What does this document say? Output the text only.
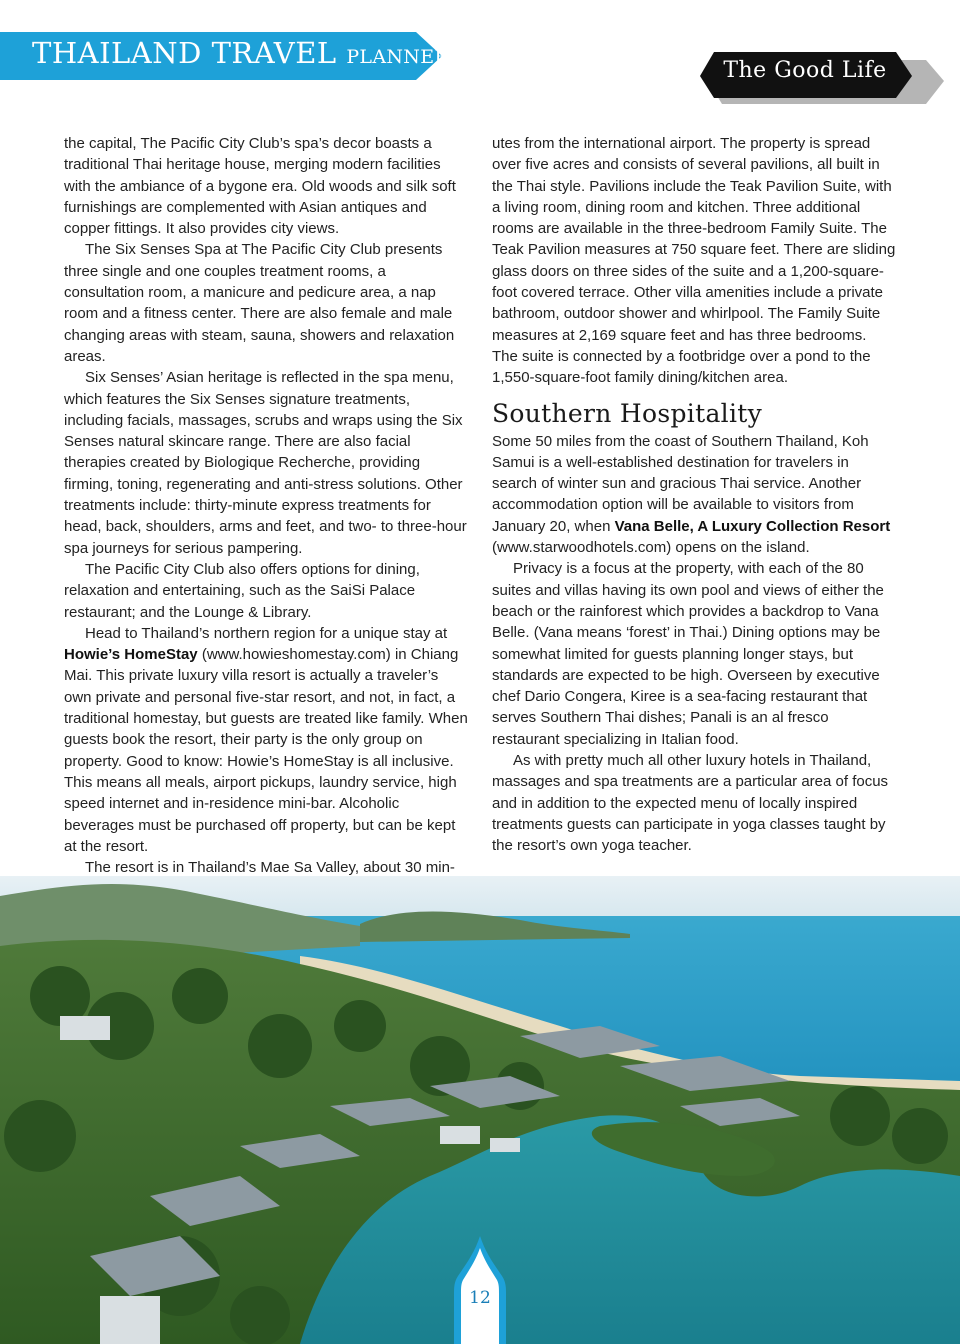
THAILAND TRAVEL PLANNER
The Good Life

the capital, The Pacific City Club’s spa’s decor boasts a traditional Thai heritage house, merging modern facilities with the ambiance of a bygone era. Old woods and silk soft furnishings are complemented with Asian antiques and copper fittings. It also provides city views.

The Six Senses Spa at The Pacific City Club presents three single and one couples treatment rooms, a consultation room, a manicure and pedicure area, a nap room and a fitness center. There are also female and male changing areas with steam, sauna, showers and relaxation areas.

Six Senses’ Asian heritage is reflected in the spa menu, which features the Six Senses signature treatments, including facials, massages, scrubs and wraps using the Six Senses natural skincare range. There are also facial therapies created by Biologique Recherche, providing firming, toning, regenerating and anti-stress solutions. Other treatments include: thirty-minute express treatments for head, back, shoulders, arms and feet, and two- to three-hour spa journeys for serious pampering.

The Pacific City Club also offers options for dining, relaxation and entertaining, such as the SaiSi Palace restaurant; and the Lounge & Library.

Head to Thailand’s northern region for a unique stay at Howie’s HomeStay (www.howieshomestay.com) in Chiang Mai. This private luxury villa resort is actually a traveler’s own private and personal five-star resort, and not, in fact, a traditional homestay, but guests are treated like family. When guests book the resort, their party is the only group on property. Good to know: Howie’s HomeStay is all inclusive. This means all meals, airport pickups, laundry service, high speed internet and in-residence mini-bar. Alcoholic beverages must be purchased off property, but can be kept at the resort.

The resort is in Thailand’s Mae Sa Valley, about 30 min-

utes from the international airport. The property is spread over five acres and consists of several pavilions, all built in the Thai style. Pavilions include the Teak Pavilion Suite, with a living room, dining room and kitchen. Three additional rooms are available in the three-bedroom Family Suite. The Teak Pavilion measures at 750 square feet. There are sliding glass doors on three sides of the suite and a 1,200-square-foot covered terrace. Other villa amenities include a private bathroom, outdoor shower and whirlpool. The Family Suite measures at 2,169 square feet and has three bedrooms. The suite is connected by a footbridge over a pond to the 1,550-square-foot family dining/kitchen area.

Southern Hospitality

Some 50 miles from the coast of Southern Thailand, Koh Samui is a well-established destination for travelers in search of winter sun and gracious Thai service. Another accommodation option will be available to visitors from January 20, when Vana Belle, A Luxury Collection Resort (www.starwoodhotels.com) opens on the island.

Privacy is a focus at the property, with each of the 80 suites and villas having its own pool and views of either the beach or the rainforest which provides a backdrop to Vana Belle. (Vana means ‘forest’ in Thai.) Dining options may be somewhat limited for guests planning longer stays, but standards are expected to be high. Overseen by executive chef Dario Congera, Kiree is a sea-facing restaurant that serves Southern Thai dishes; Panali is an al fresco restaurant specializing in Italian food.

As with pretty much all other luxury hotels in Thailand, massages and spa treatments are a particular area of focus and in addition to the expected menu of locally inspired treatments guests can participate in yoga classes taught by the resort’s own yoga teacher.

12
